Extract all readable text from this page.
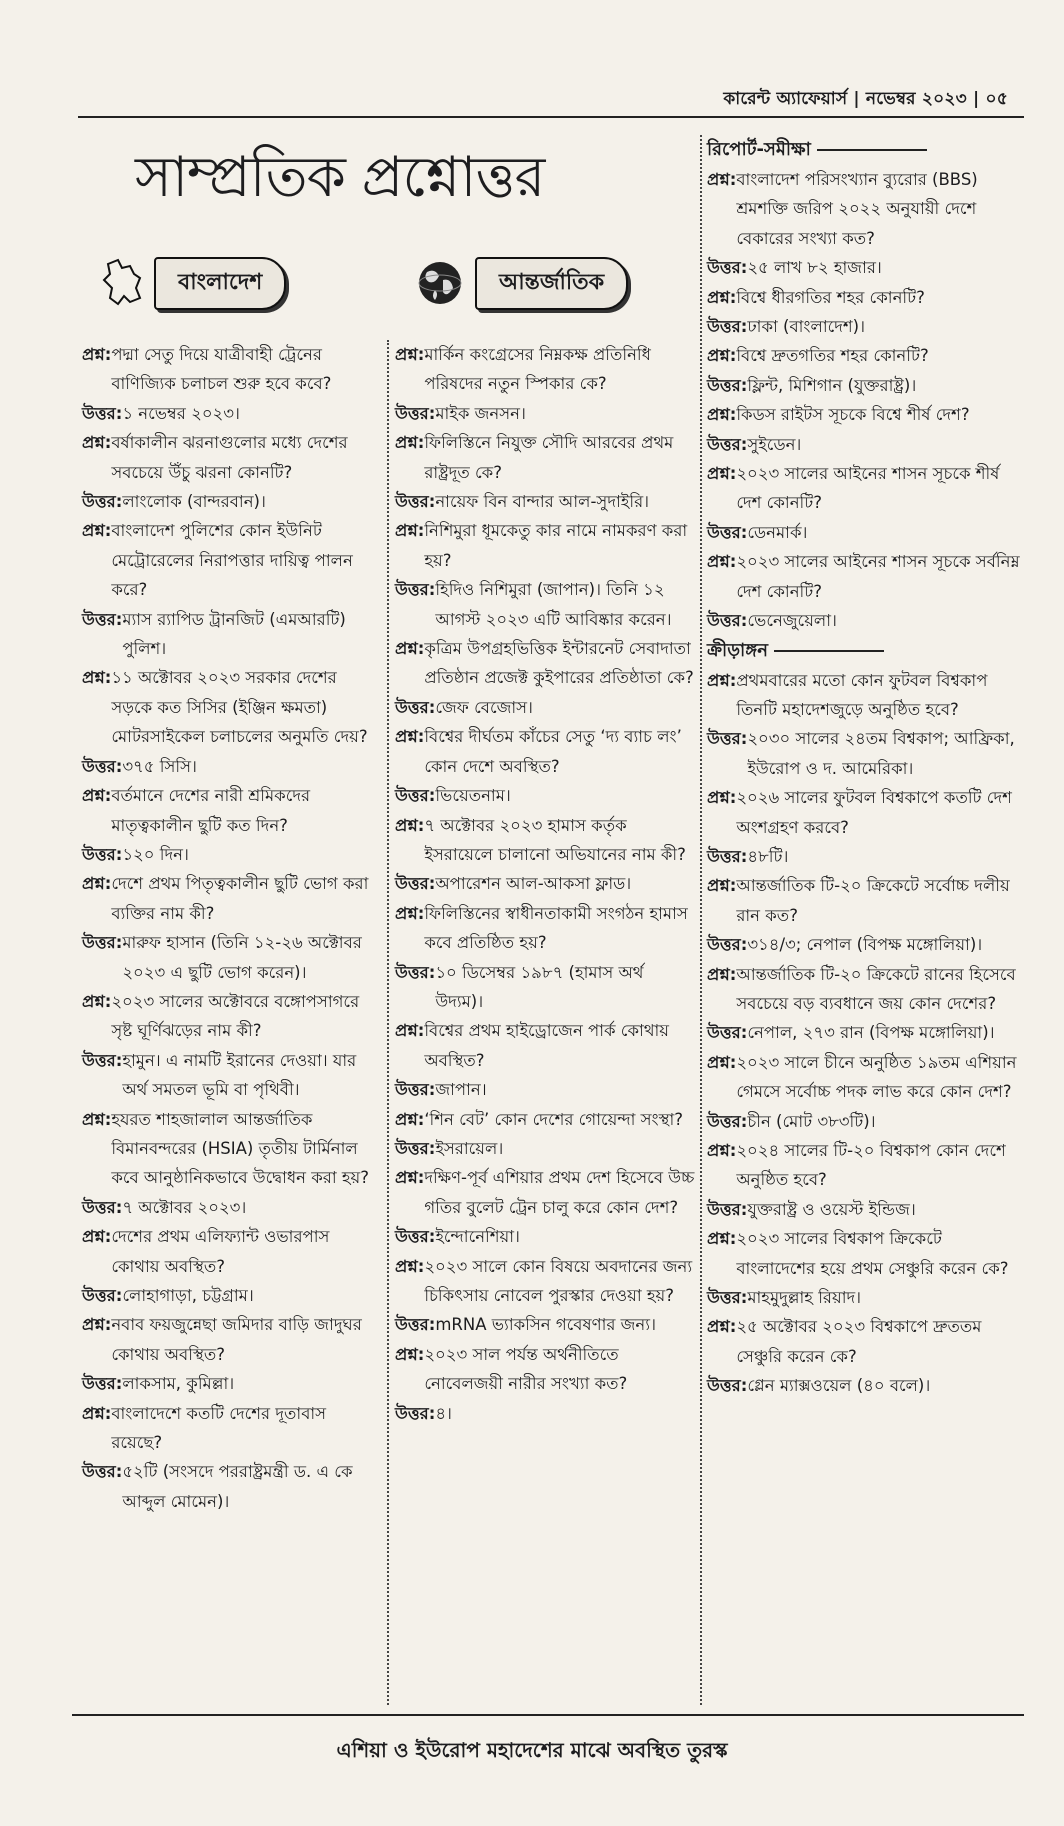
কারেন্ট অ্যাফেয়ার্স | নভেম্বর ২০২৩ | ০৫
সাম্প্রতিক প্রশ্নোত্তর
বাংলাদেশ	আন্তর্জাতিক

প্রশ্ন: পদ্মা সেতু দিয়ে যাত্রীবাহী ট্রেনের বাণিজ্যিক চলাচল শুরু হবে কবে?

উত্তর: ১ নভেম্বর ২০২৩।

প্রশ্ন: বর্ষাকালীন ঝরনাগুলোর মধ্যে দেশের সবচেয়ে উঁচু ঝরনা কোনটি?

উত্তর: লাংলোক (বান্দরবান)।

প্রশ্ন: বাংলাদেশ পুলিশের কোন ইউনিট মেট্রোরেলের নিরাপত্তার দায়িত্ব পালন করে?

উত্তর: ম্যাস র‌্যাপিড ট্রানজিট (এমআরটি) পুলিশ।

প্রশ্ন: ১১ অক্টোবর ২০২৩ সরকার দেশের সড়কে কত সিসির (ইঞ্জিন ক্ষমতা) মোটরসাইকেল চলাচলের অনুমতি দেয়?

উত্তর: ৩৭৫ সিসি।

প্রশ্ন: বর্তমানে দেশের নারী শ্রমিকদের মাতৃত্বকালীন ছুটি কত দিন?

উত্তর: ১২০ দিন।

প্রশ্ন: দেশে প্রথম পিতৃত্বকালীন ছুটি ভোগ করা ব্যক্তির নাম কী?

উত্তর: মারুফ হাসান (তিনি ১২-২৬ অক্টোবর ২০২৩ এ ছুটি ভোগ করেন)।

প্রশ্ন: ২০২৩ সালের অক্টোবরে বঙ্গোপসাগরে সৃষ্ট ঘূর্ণিঝড়ের নাম কী?

উত্তর: হামুন। এ নামটি ইরানের দেওয়া। যার অর্থ সমতল ভূমি বা পৃথিবী।

প্রশ্ন: হযরত শাহজালাল আন্তর্জাতিক বিমানবন্দরের (HSIA) তৃতীয় টার্মিনাল কবে আনুষ্ঠানিকভাবে উদ্বোধন করা হয়?

উত্তর: ৭ অক্টোবর ২০২৩।

প্রশ্ন: দেশের প্রথম এলিফ্যান্ট ওভারপাস কোথায় অবস্থিত?

উত্তর: লোহাগাড়া, চট্টগ্রাম।

প্রশ্ন: নবাব ফয়জুন্নেছা জমিদার বাড়ি জাদুঘর কোথায় অবস্থিত?

উত্তর: লাকসাম, কুমিল্লা।

প্রশ্ন: বাংলাদেশে কতটি দেশের দূতাবাস রয়েছে?

উত্তর: ৫২টি (সংসদে পররাষ্ট্রমন্ত্রী ড. এ কে আব্দুল মোমেন)।

প্রশ্ন: মার্কিন কংগ্রেসের নিম্নকক্ষ প্রতিনিধি পরিষদের নতুন স্পিকার কে?

উত্তর: মাইক জনসন।

প্রশ্ন: ফিলিস্তিনে নিযুক্ত সৌদি আরবের প্রথম রাষ্ট্রদূত কে?

উত্তর: নায়েফ বিন বান্দার আল-সুদাইরি।

প্রশ্ন: নিশিমুরা ধূমকেতু কার নামে নামকরণ করা হয়?

উত্তর: হিদিও নিশিমুরা (জাপান)। তিনি ১২ আগস্ট ২০২৩ এটি আবিষ্কার করেন।

প্রশ্ন: কৃত্রিম উপগ্রহভিত্তিক ইন্টারনেট সেবাদাতা প্রতিষ্ঠান প্রজেক্ট কুইপারের প্রতিষ্ঠাতা কে?

উত্তর: জেফ বেজোস।

প্রশ্ন: বিশ্বের দীর্ঘতম কাঁচের সেতু ‘দ্য ব্যাচ লং’ কোন দেশে অবস্থিত?

উত্তর: ভিয়েতনাম।

প্রশ্ন: ৭ অক্টোবর ২০২৩ হামাস কর্তৃক ইসরায়েলে চালানো অভিযানের নাম কী?

উত্তর: অপারেশন আল-আকসা ফ্লাড।

প্রশ্ন: ফিলিস্তিনের স্বাধীনতাকামী সংগঠন হামাস কবে প্রতিষ্ঠিত হয়?

উত্তর: ১০ ডিসেম্বর ১৯৮৭ (হামাস অর্থ উদ্যম)।

প্রশ্ন: বিশ্বের প্রথম হাইড্রোজেন পার্ক কোথায় অবস্থিত?

উত্তর: জাপান।

প্রশ্ন: ‘শিন বেট’ কোন দেশের গোয়েন্দা সংস্থা?

উত্তর: ইসরায়েল।

প্রশ্ন: দক্ষিণ-পূর্ব এশিয়ার প্রথম দেশ হিসেবে উচ্চ গতির বুলেট ট্রেন চালু করে কোন দেশ?

উত্তর: ইন্দোনেশিয়া।

প্রশ্ন: ২০২৩ সালে কোন বিষয়ে অবদানের জন্য চিকিৎসায় নোবেল পুরস্কার দেওয়া হয়?

উত্তর: mRNA ভ্যাকসিন গবেষণার জন্য।

প্রশ্ন: ২০২৩ সাল পর্যন্ত অর্থনীতিতে নোবেলজয়ী নারীর সংখ্যা কত?

উত্তর: ৪।

রিপোর্ট-সমীক্ষা

প্রশ্ন: বাংলাদেশ পরিসংখ্যান ব্যুরোর (BBS) শ্রমশক্তি জরিপ ২০২২ অনুযায়ী দেশে বেকারের সংখ্যা কত?

উত্তর: ২৫ লাখ ৮২ হাজার।

প্রশ্ন: বিশ্বে ধীরগতির শহর কোনটি?

উত্তর: ঢাকা (বাংলাদেশ)।

প্রশ্ন: বিশ্বে দ্রুতগতির শহর কোনটি?

উত্তর: ফ্লিন্ট, মিশিগান (যুক্তরাষ্ট্র)।

প্রশ্ন: কিডস রাইটস সূচকে বিশ্বে শীর্ষ দেশ?

উত্তর: সুইডেন।

প্রশ্ন: ২০২৩ সালের আইনের শাসন সূচকে শীর্ষ দেশ কোনটি?

উত্তর: ডেনমার্ক।

প্রশ্ন: ২০২৩ সালের আইনের শাসন সূচকে সর্বনিম্ন দেশ কোনটি?

উত্তর: ভেনেজুয়েলা।

ক্রীড়াঙ্গন

প্রশ্ন: প্রথমবারের মতো কোন ফুটবল বিশ্বকাপ তিনটি মহাদেশজুড়ে অনুষ্ঠিত হবে?

উত্তর: ২০৩০ সালের ২৪তম বিশ্বকাপ; আফ্রিকা, ইউরোপ ও দ. আমেরিকা।

প্রশ্ন: ২০২৬ সালের ফুটবল বিশ্বকাপে কতটি দেশ অংশগ্রহণ করবে?

উত্তর: ৪৮টি।

প্রশ্ন: আন্তর্জাতিক টি-২০ ক্রিকেটে সর্বোচ্চ দলীয় রান কত?

উত্তর: ৩১৪/৩; নেপাল (বিপক্ষ মঙ্গোলিয়া)।

প্রশ্ন: আন্তর্জাতিক টি-২০ ক্রিকেটে রানের হিসেবে সবচেয়ে বড় ব্যবধানে জয় কোন দেশের?

উত্তর: নেপাল, ২৭৩ রান (বিপক্ষ মঙ্গোলিয়া)।

প্রশ্ন: ২০২৩ সালে চীনে অনুষ্ঠিত ১৯তম এশিয়ান গেমসে সর্বোচ্চ পদক লাভ করে কোন দেশ?

উত্তর: চীন (মোট ৩৮৩টি)।

প্রশ্ন: ২০২৪ সালের টি-২০ বিশ্বকাপ কোন দেশে অনুষ্ঠিত হবে?

উত্তর: যুক্তরাষ্ট্র ও ওয়েস্ট ইন্ডিজ।

প্রশ্ন: ২০২৩ সালের বিশ্বকাপ ক্রিকেটে বাংলাদেশের হয়ে প্রথম সেঞ্চুরি করেন কে?

উত্তর: মাহমুদুল্লাহ রিয়াদ।

প্রশ্ন: ২৫ অক্টোবর ২০২৩ বিশ্বকাপে দ্রুততম সেঞ্চুরি করেন কে?

উত্তর: গ্লেন ম্যাক্সওয়েল (৪০ বলে)।

এশিয়া ও ইউরোপ মহাদেশের মাঝে অবস্থিত তুরস্ক
